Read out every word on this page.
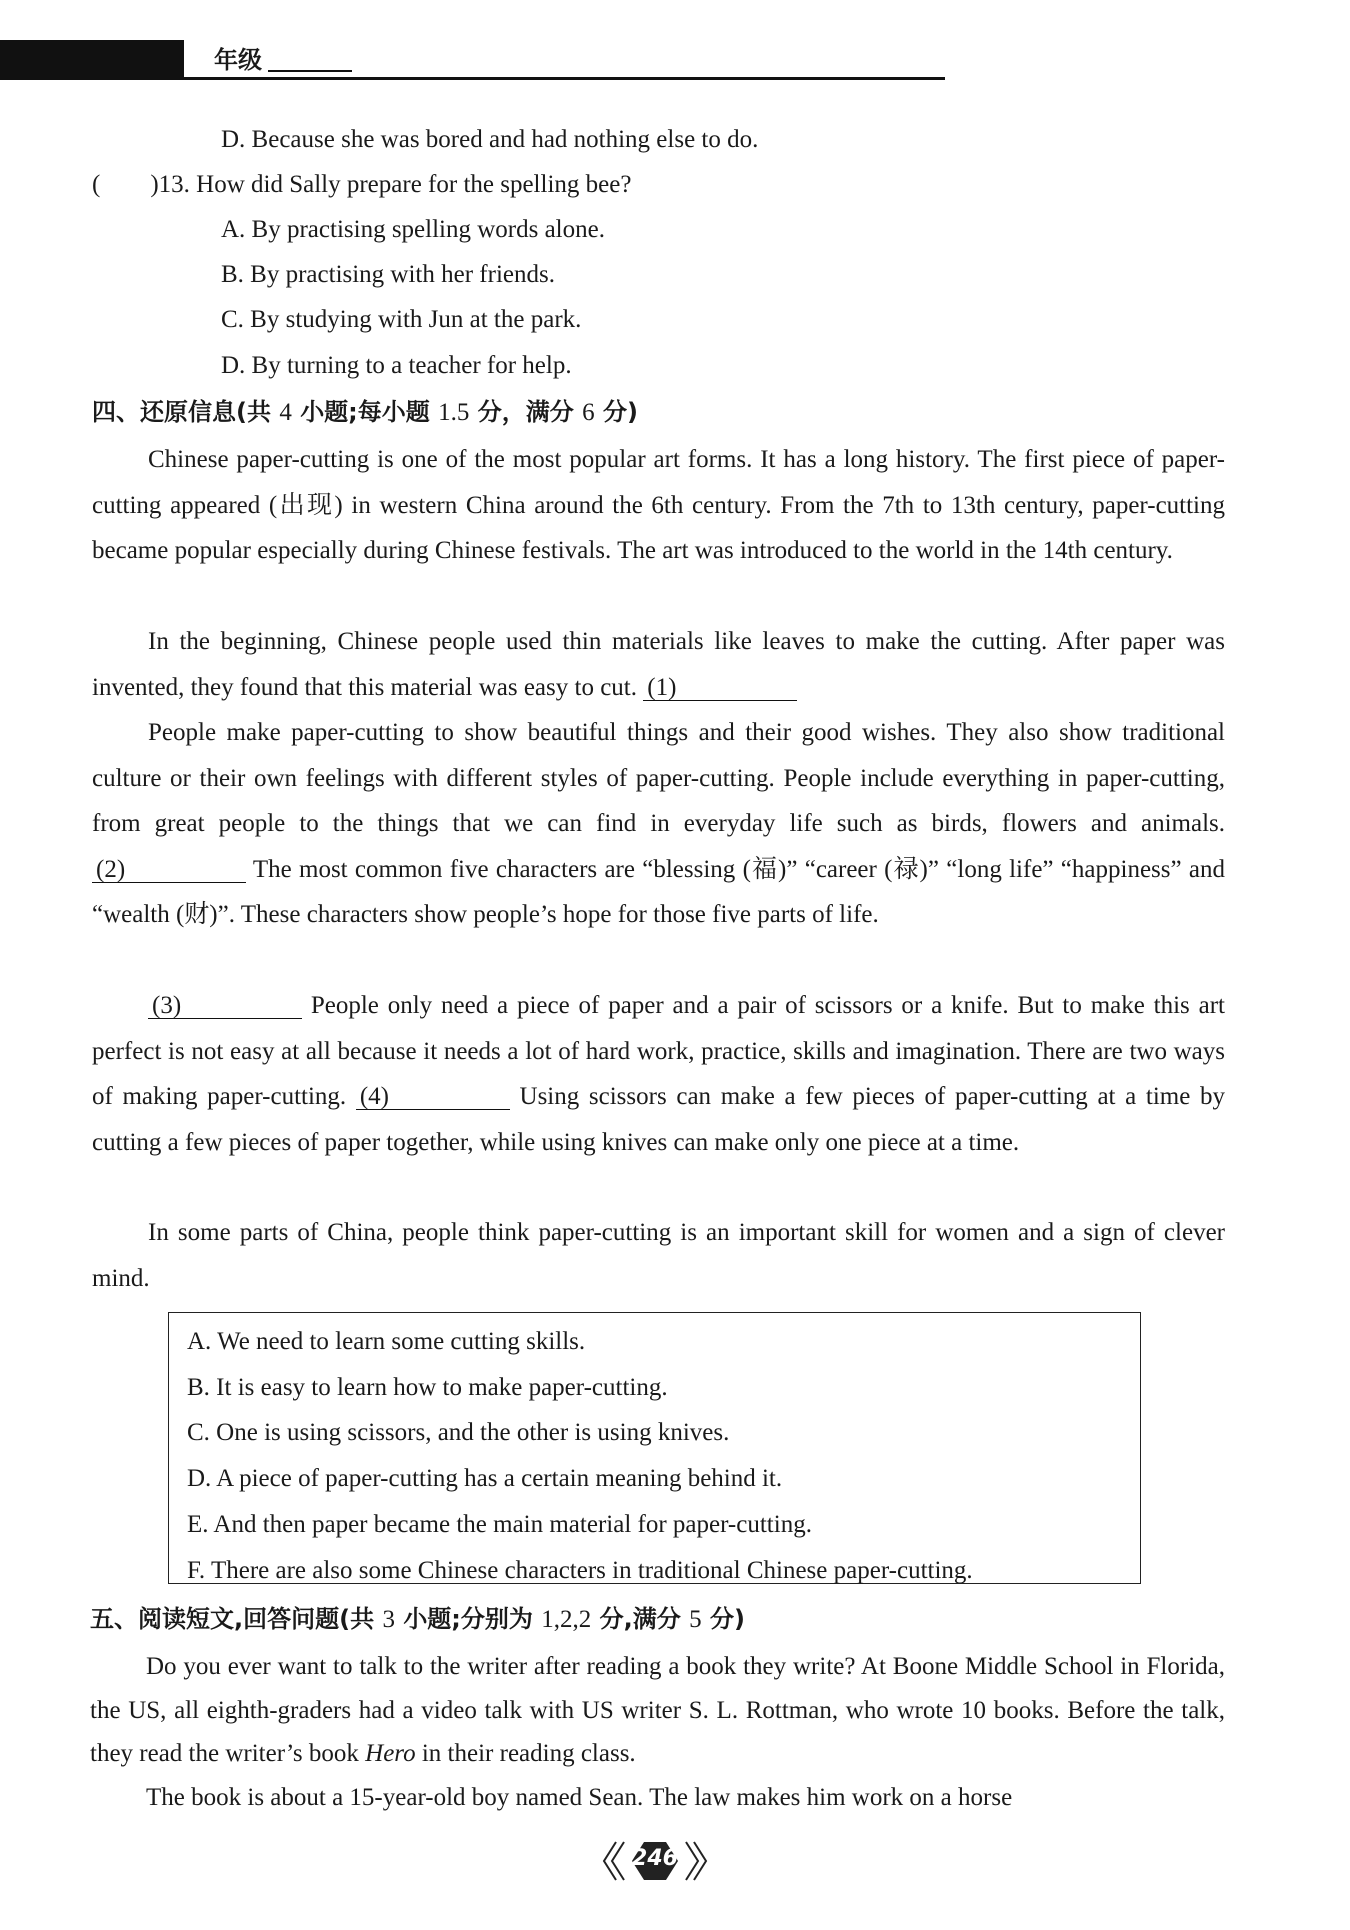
年级
D. Because she was bored and had nothing else to do.
(　　)13. How did Sally prepare for the spelling bee?
A. By practising spelling words alone.
B. By practising with her friends.
C. By studying with Jun at the park.
D. By turning to a teacher for help.
四、还原信息(共 4 小题;每小题 1.5 分，满分 6 分)
Chinese paper-cutting is one of the most popular art forms. It has a long history. The first piece of paper-cutting appeared (出现) in western China around the 6th century. From the 7th to 13th century, paper-cutting became popular especially during Chinese festivals. The art was introduced to the world in the 14th century.
In the beginning, Chinese people used thin materials like leaves to make the cutting. After paper was invented, they found that this material was easy to cut. (1)
People make paper-cutting to show beautiful things and their good wishes. They also show traditional culture or their own feelings with different styles of paper-cutting. People include everything in paper-cutting, from great people to the things that we can find in everyday life such as birds, flowers and animals. (2)	The most common five characters are “blessing (福)” “career (禄)” “long life” “happiness” and “wealth (财)”. These characters show people’s hope for those five parts of life.
(3)	People only need a piece of paper and a pair of scissors or a knife. But to make this art perfect is not easy at all because it needs a lot of hard work, practice, skills and imagination. There are two ways of making paper-cutting. (4)	Using scissors can make a few pieces of paper-cutting at a time by cutting a few pieces of paper together, while using knives can make only one piece at a time.
In some parts of China, people think paper-cutting is an important skill for women and a sign of clever mind.
A. We need to learn some cutting skills.
B. It is easy to learn how to make paper-cutting.
C. One is using scissors, and the other is using knives.
D. A piece of paper-cutting has a certain meaning behind it.
E. And then paper became the main material for paper-cutting.
F. There are also some Chinese characters in traditional Chinese paper-cutting.
五、阅读短文,回答问题(共 3 小题;分别为 1,2,2 分,满分 5 分)
Do you ever want to talk to the writer after reading a book they write? At Boone Middle School in Florida, the US, all eighth-graders had a video talk with US writer S. L. Rottman, who wrote 10 books. Before the talk, they read the writer’s book Hero in their reading class.
The book is about a 15-year-old boy named Sean. The law makes him work on a horse
246
